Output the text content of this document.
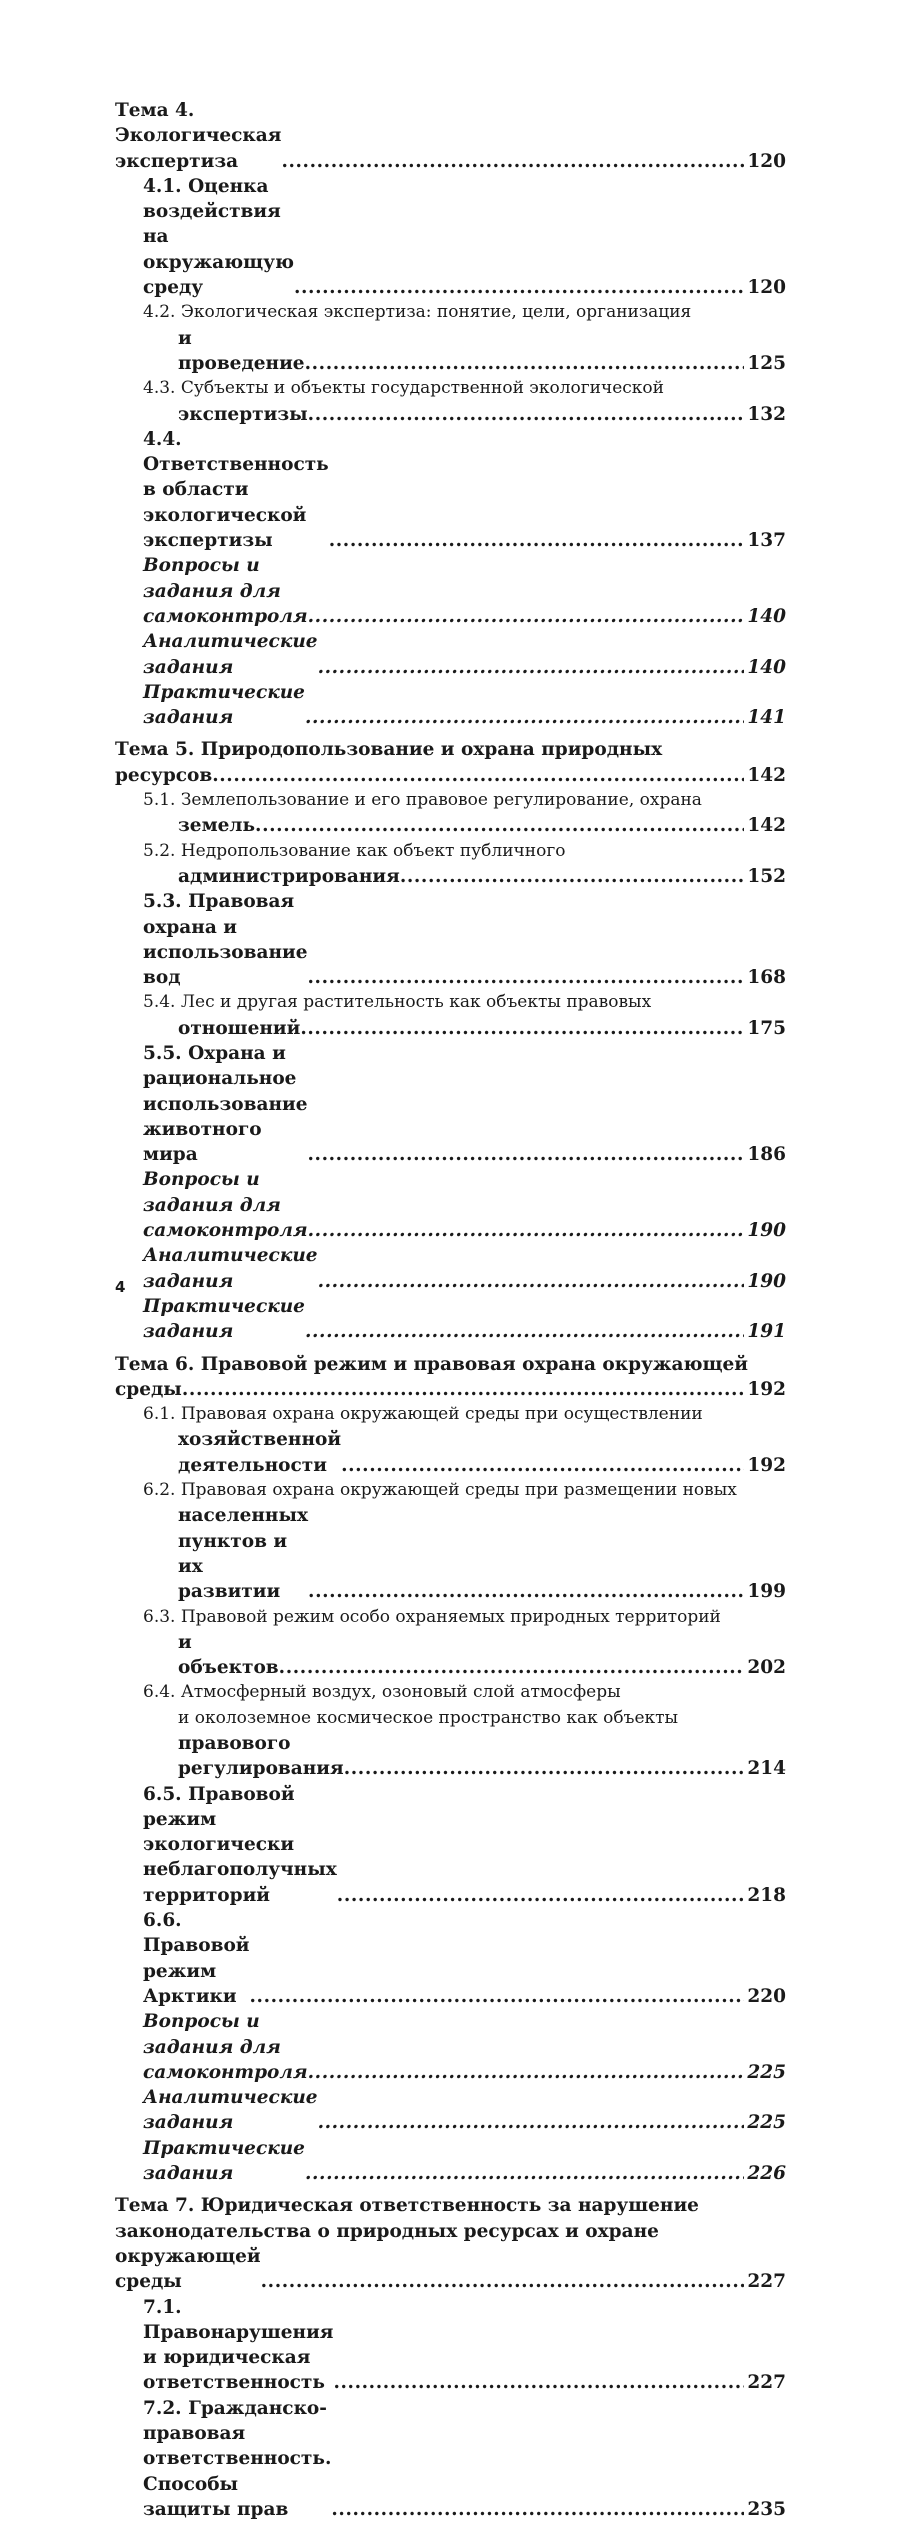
Тема 4. Экологическая экспертиза .....	120
4.1. Оценка воздействия на окружающую среду .....	120
4.2. Экологическая экспертиза: понятие, цели, организация
и проведение .....	125
4.3. Субъекты и объекты государственной экологической
экспертизы .....	132
4.4. Ответственность в области экологической экспертизы .....	137
Вопросы и задания для самоконтроля .....	140
Аналитические задания .....	140
Практические задания .....	141
Тема 5. Природопользование и охрана природных
ресурсов .....	142
5.1. Землепользование и его правовое регулирование, охрана
земель .....	142
5.2. Недропользование как объект публичного
администрирования .....	152
5.3. Правовая охрана и использование вод .....	168
5.4. Лес и другая растительность как объекты правовых
отношений .....	175
5.5. Охрана и рациональное использование животного мира .....	186
Вопросы и задания для самоконтроля .....	190
Аналитические задания .....	190
Практические задания .....	191
Тема 6. Правовой режим и правовая охрана окружающей
среды .....	192
6.1. Правовая охрана окружающей среды при осуществлении
хозяйственной деятельности .....	192
6.2. Правовая охрана окружающей среды при размещении новых
населенных пунктов и их развитии .....	199
6.3. Правовой режим особо охраняемых природных территорий
и объектов .....	202
6.4. Атмосферный воздух, озоновый слой атмосферы
и околоземное космическое пространство как объекты
правового регулирования .....	214
6.5. Правовой режим экологически неблагополучных территорий .....	218
6.6. Правовой режим Арктики .....	220
Вопросы и задания для самоконтроля .....	225
Аналитические задания .....	225
Практические задания .....	226
Тема 7. Юридическая ответственность за нарушение
законодательства о природных ресурсах и охране
окружающей среды .....	227
7.1. Правонарушения и юридическая ответственность .....	227
7.2. Гражданско-правовая ответственность. Способы защиты прав .....	235
4
